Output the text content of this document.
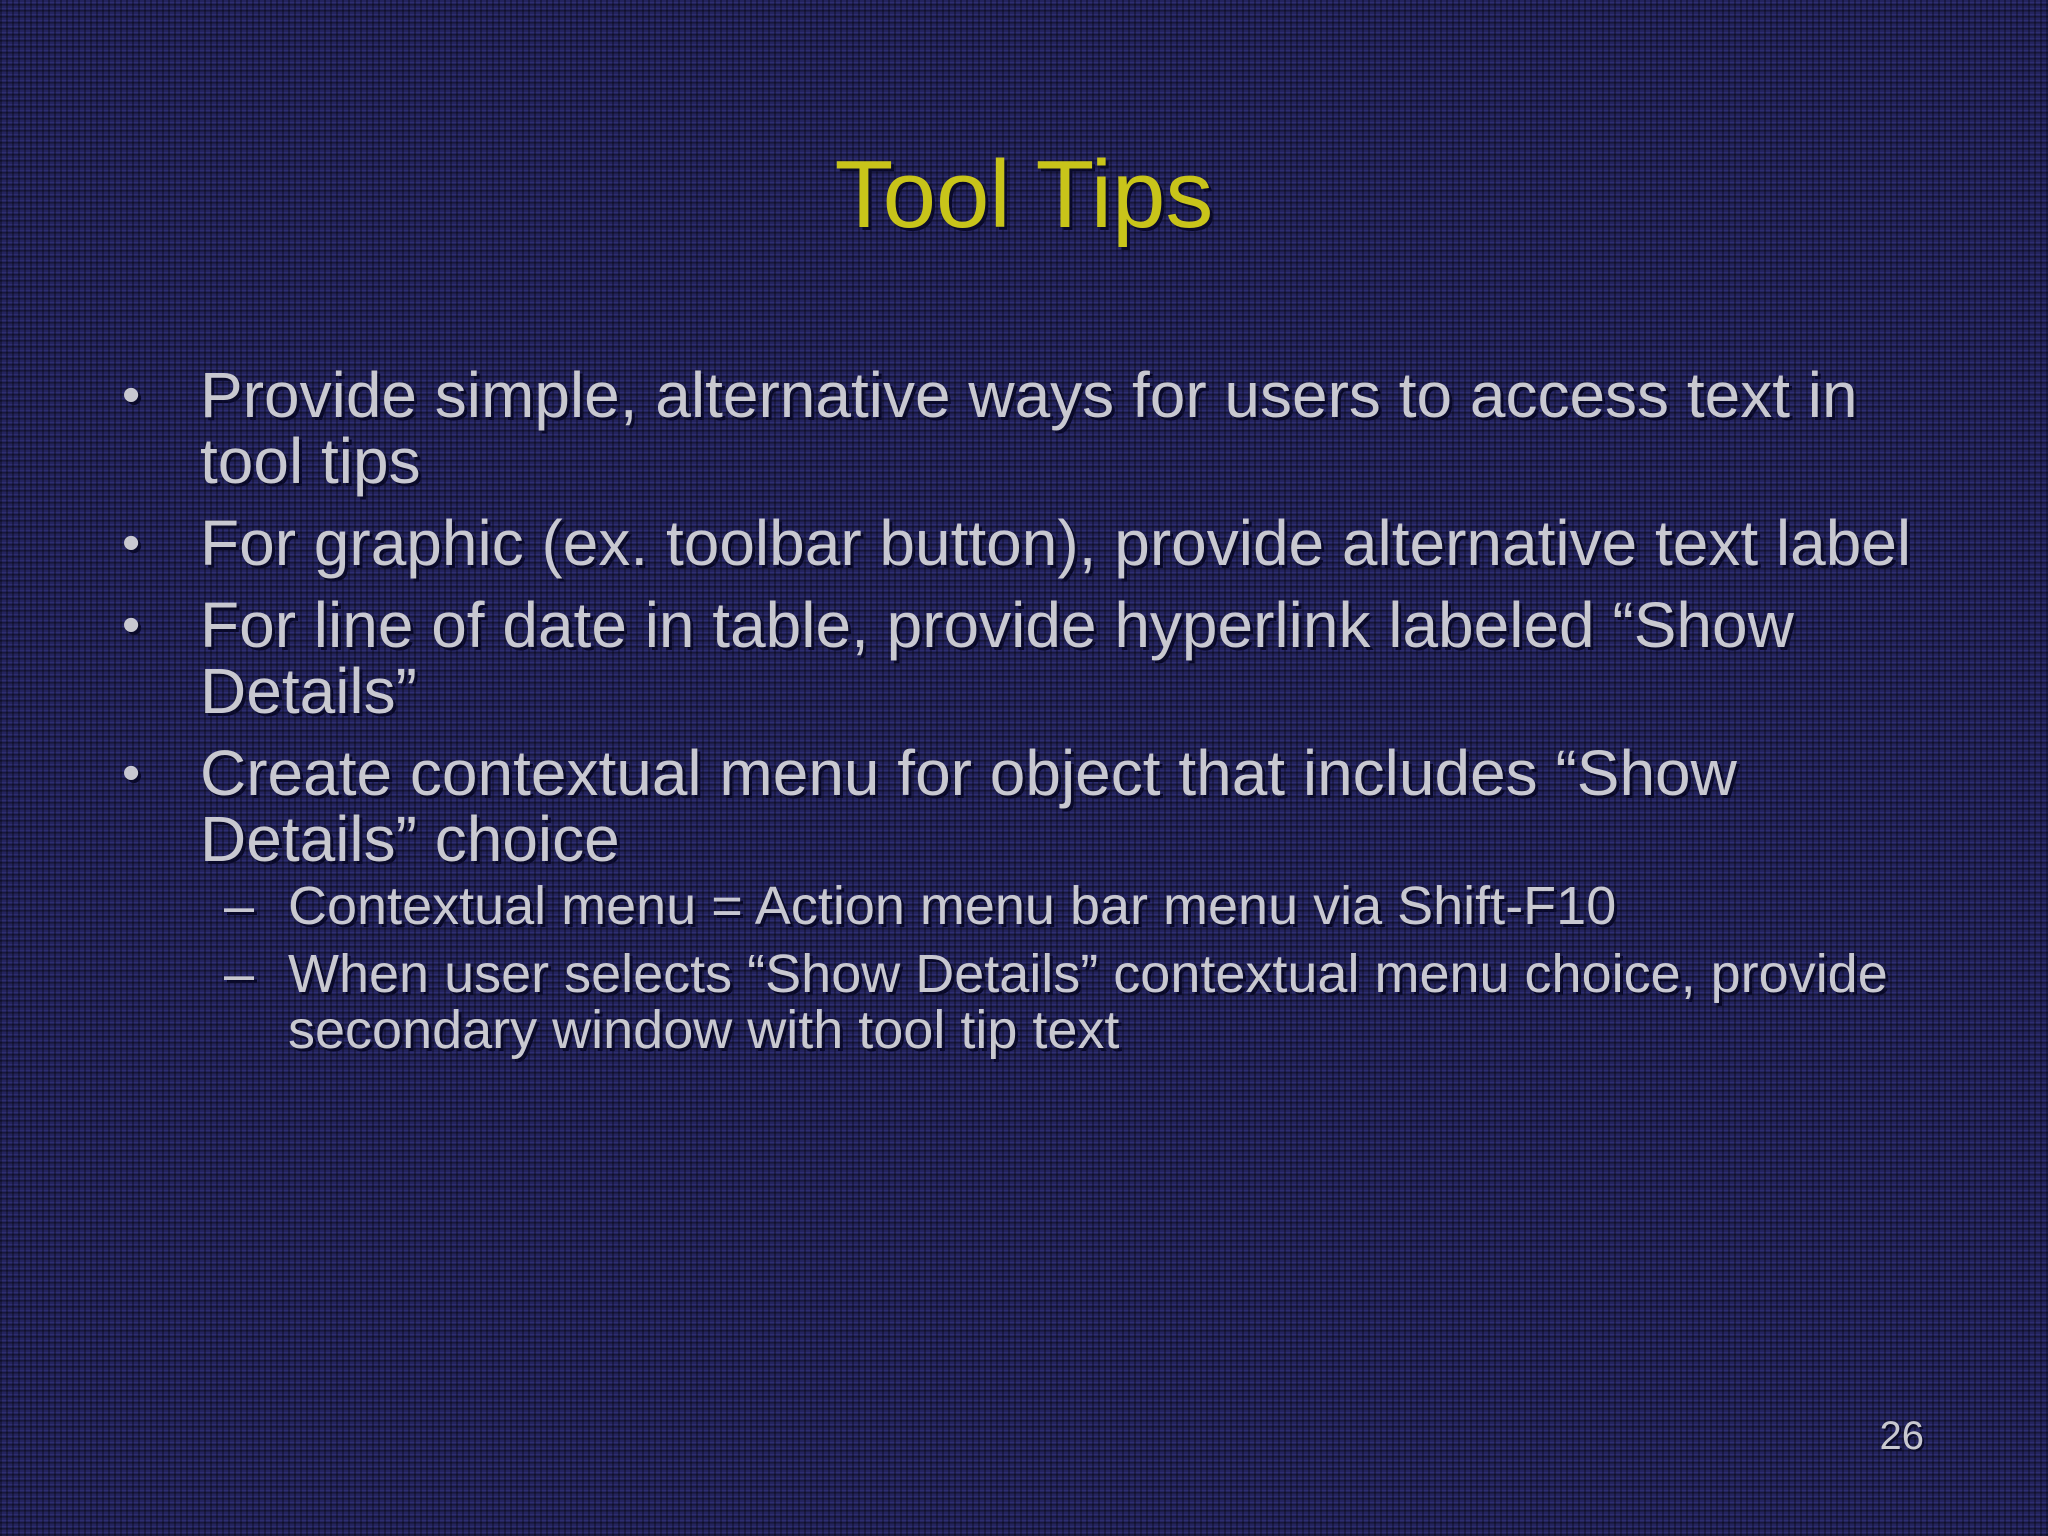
Tool Tips
• Provide simple, alternative ways for users to access text in tool tips
• For graphic (ex. toolbar button), provide alternative text label
• For line of date in table, provide hyperlink labeled “Show Details”
• Create contextual menu for object that includes “Show Details” choice
– Contextual menu = Action menu bar menu via Shift-F10
– When user selects “Show Details” contextual menu choice, provide secondary window with tool tip text
26
